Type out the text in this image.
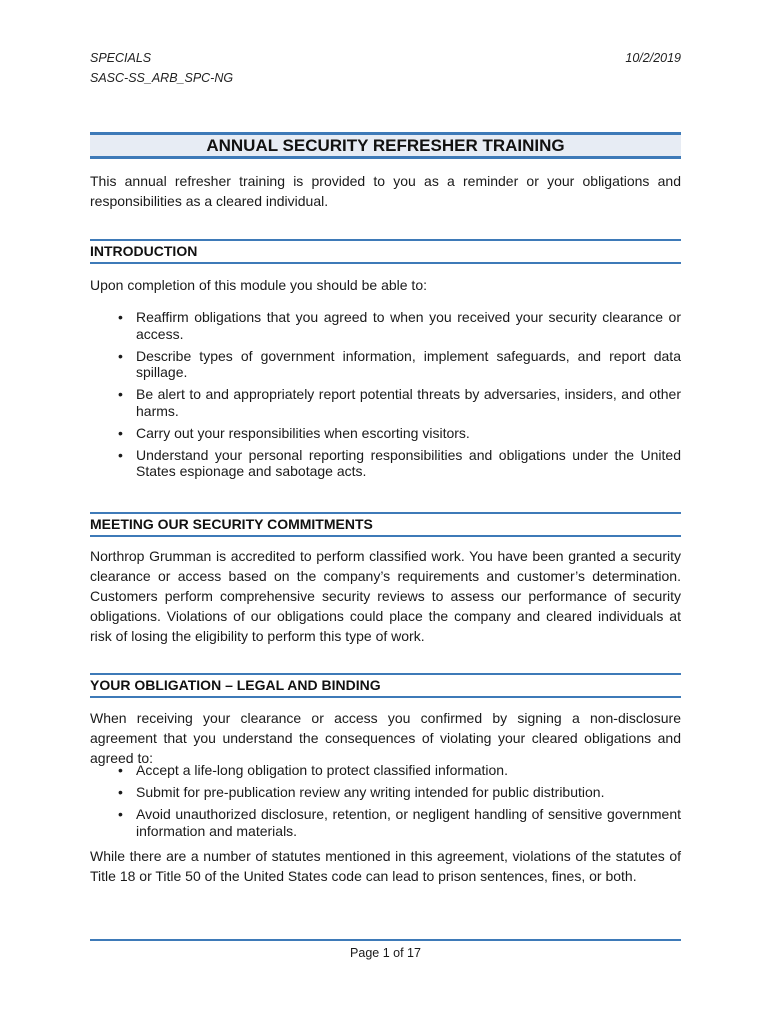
SPECIALS
SASC-SS_ARB_SPC-NG
10/2/2019
ANNUAL SECURITY REFRESHER TRAINING
This annual refresher training is provided to you as a reminder or your obligations and responsibilities as a cleared individual.
INTRODUCTION
Upon completion of this module you should be able to:
• Reaffirm obligations that you agreed to when you received your security clearance or access.
• Describe types of government information, implement safeguards, and report data spillage.
• Be alert to and appropriately report potential threats by adversaries, insiders, and other harms.
• Carry out your responsibilities when escorting visitors.
• Understand your personal reporting responsibilities and obligations under the United States espionage and sabotage acts.
MEETING OUR SECURITY COMMITMENTS
Northrop Grumman is accredited to perform classified work. You have been granted a security clearance or access based on the company’s requirements and customer’s determination. Customers perform comprehensive security reviews to assess our performance of security obligations. Violations of our obligations could place the company and cleared individuals at risk of losing the eligibility to perform this type of work.
YOUR OBLIGATION – LEGAL AND BINDING
When receiving your clearance or access you confirmed by signing a non-disclosure agreement that you understand the consequences of violating your cleared obligations and agreed to:
• Accept a life-long obligation to protect classified information.
• Submit for pre-publication review any writing intended for public distribution.
• Avoid unauthorized disclosure, retention, or negligent handling of sensitive government information and materials.
While there are a number of statutes mentioned in this agreement, violations of the statutes of Title 18 or Title 50 of the United States code can lead to prison sentences, fines, or both.
Page 1 of 17
